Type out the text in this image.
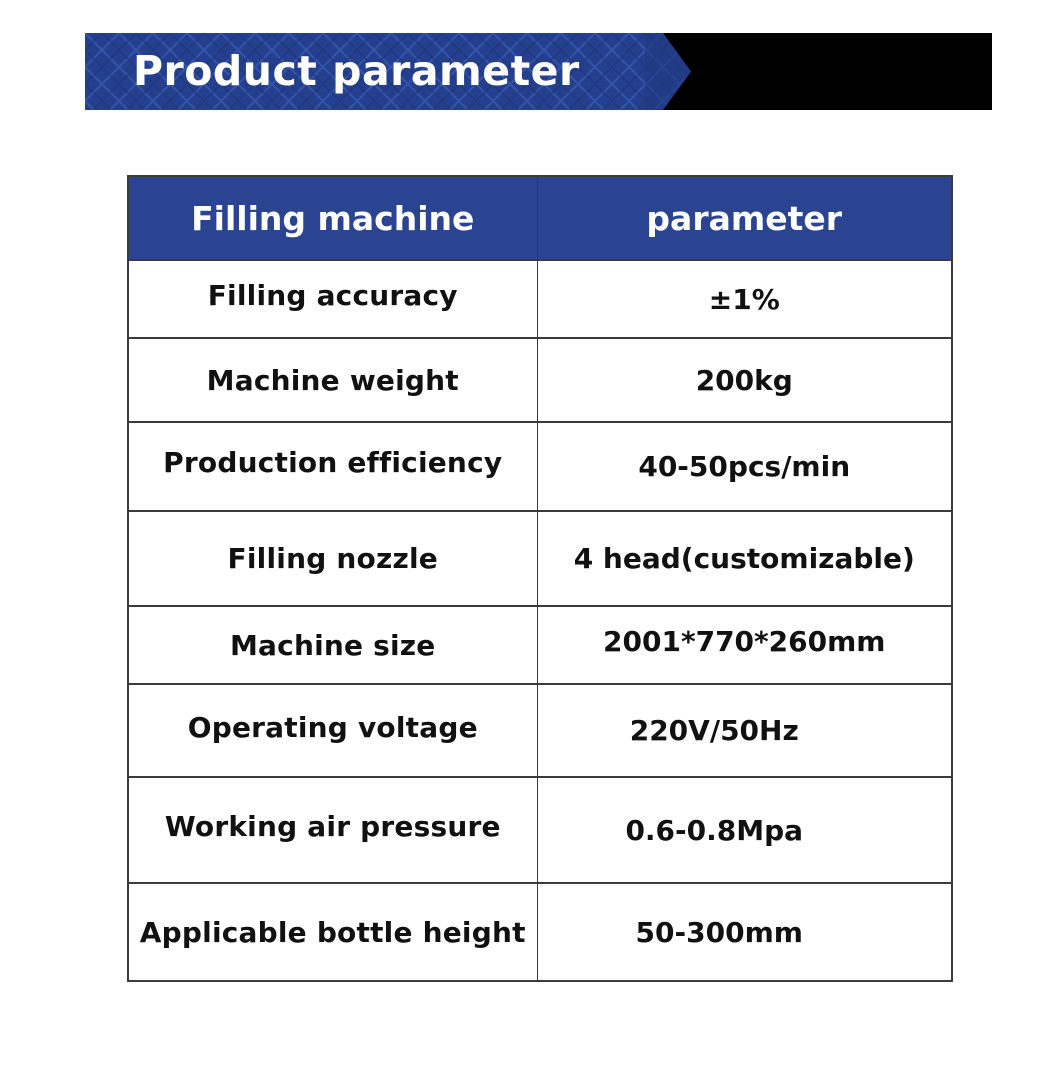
Product parameter
Filling machine	parameter
Filling accuracy	±1%
Machine weight	200kg
Production efficiency	40-50pcs/min
Filling nozzle	4 head(customizable)
Machine size	2001*770*260mm
Operating voltage	220V/50Hz
Working air pressure	0.6-0.8Mpa
Applicable bottle height	50-300mm
